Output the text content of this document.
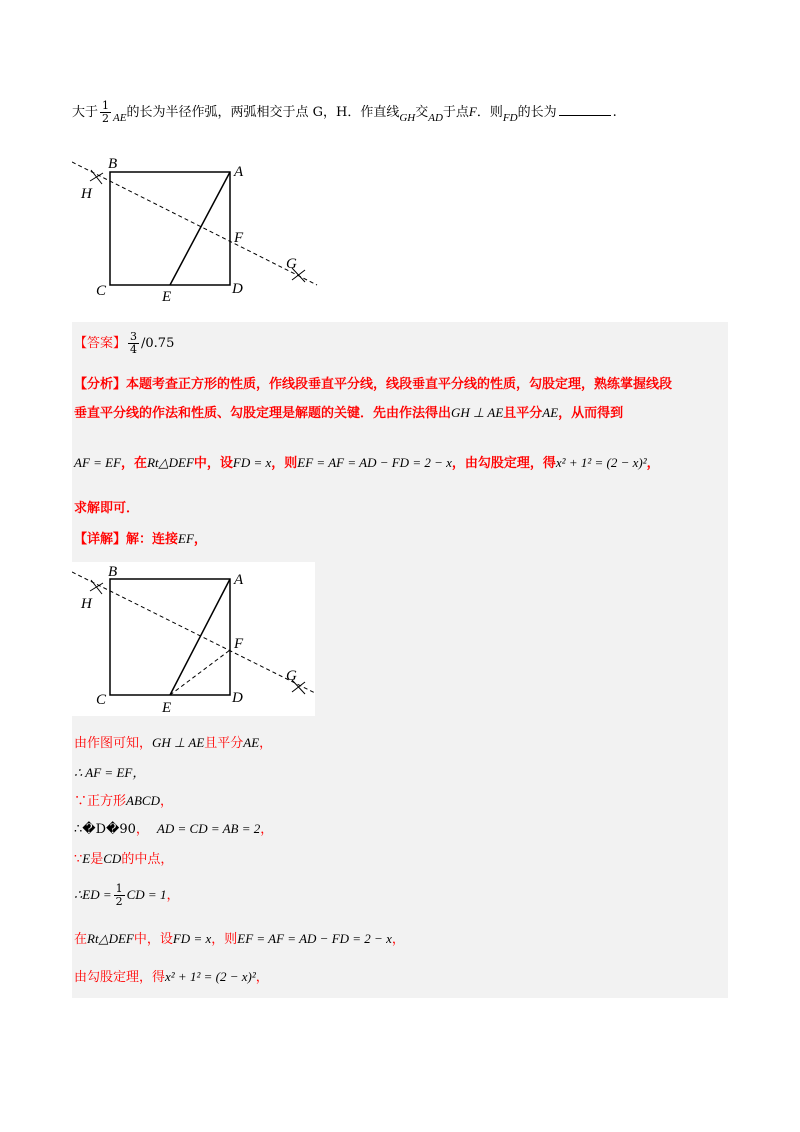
大于 $\frac{1}{2} _{AE}$的长为半径作弧，两弧相交于点 G，H．作直线$_{GH}$交$_{AD}$于点F．则$_{FD}$的长为	.
B	A
H
F
G
C	E	D
【答案】 $\frac{3}{4} /0.75$
【分析】本题考查正方形的性质，作线段垂直平分线，线段垂直平分线的性质，勾股定理，熟练掌握线段
垂直平分线的作法和性质、勾股定理是解题的关键．先由作法得出GH ⊥ AE且平分AE，从而得到
AF = EF，在Rt△DEF中，设FD = x，则EF = AF = AD − FD = 2 − x，由勾股定理，得x² + 1² = (2 − x)²，
求解即可．
【详解】解：连接EF，
B	A
H
F
G
C	E
D
由作图可知，GH ⊥ AE且平分AE，
∴ AF = EF，
∵正方形ABCD，
∴�D�90， AD = CD = AB = 2，
∵E是CD的中点，
∴ED = $\frac{1}{2}$ CD = 1，
在Rt△DEF中，设FD = x，则EF = AF = AD − FD = 2 − x，
由勾股定理，得x² + 1² = (2 − x)²，
